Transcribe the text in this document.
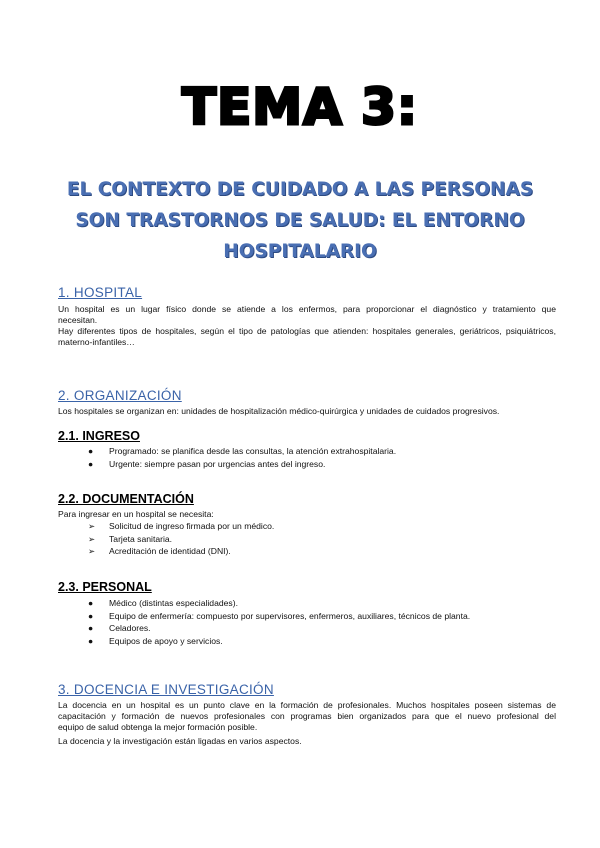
TEMA 3:
EL CONTEXTO DE CUIDADO A LAS PERSONAS
SON TRASTORNOS DE SALUD: EL ENTORNO
HOSPITALARIO
1. HOSPITAL
Un hospital es un lugar físico donde se atiende a los enfermos, para proporcionar el diagnóstico y tratamiento que
necesitan.
Hay diferentes tipos de hospitales, según el tipo de patologías que atienden: hospitales generales, geriátricos, psiquiátricos,
materno-infantiles…
2. ORGANIZACIÓN
Los hospitales se organizan en: unidades de hospitalización médico-quirúrgica y unidades de cuidados progresivos.
2.1. INGRESO
● Programado: se planifica desde las consultas, la atención extrahospitalaria.
● Urgente: siempre pasan por urgencias antes del ingreso.
2.2. DOCUMENTACIÓN
Para ingresar en un hospital se necesita:
➢ Solicitud de ingreso firmada por un médico.
➢ Tarjeta sanitaria.
➢ Acreditación de identidad (DNI).
2.3. PERSONAL
● Médico (distintas especialidades).
● Equipo de enfermería: compuesto por supervisores, enfermeros, auxiliares, técnicos de planta.
● Celadores.
● Equipos de apoyo y servicios.
3. DOCENCIA E INVESTIGACIÓN
La docencia en un hospital es un punto clave en la formación de profesionales. Muchos hospitales poseen sistemas de
capacitación y formación de nuevos profesionales con programas bien organizados para que el nuevo profesional del
equipo de salud obtenga la mejor formación posible.
La docencia y la investigación están ligadas en varios aspectos.
